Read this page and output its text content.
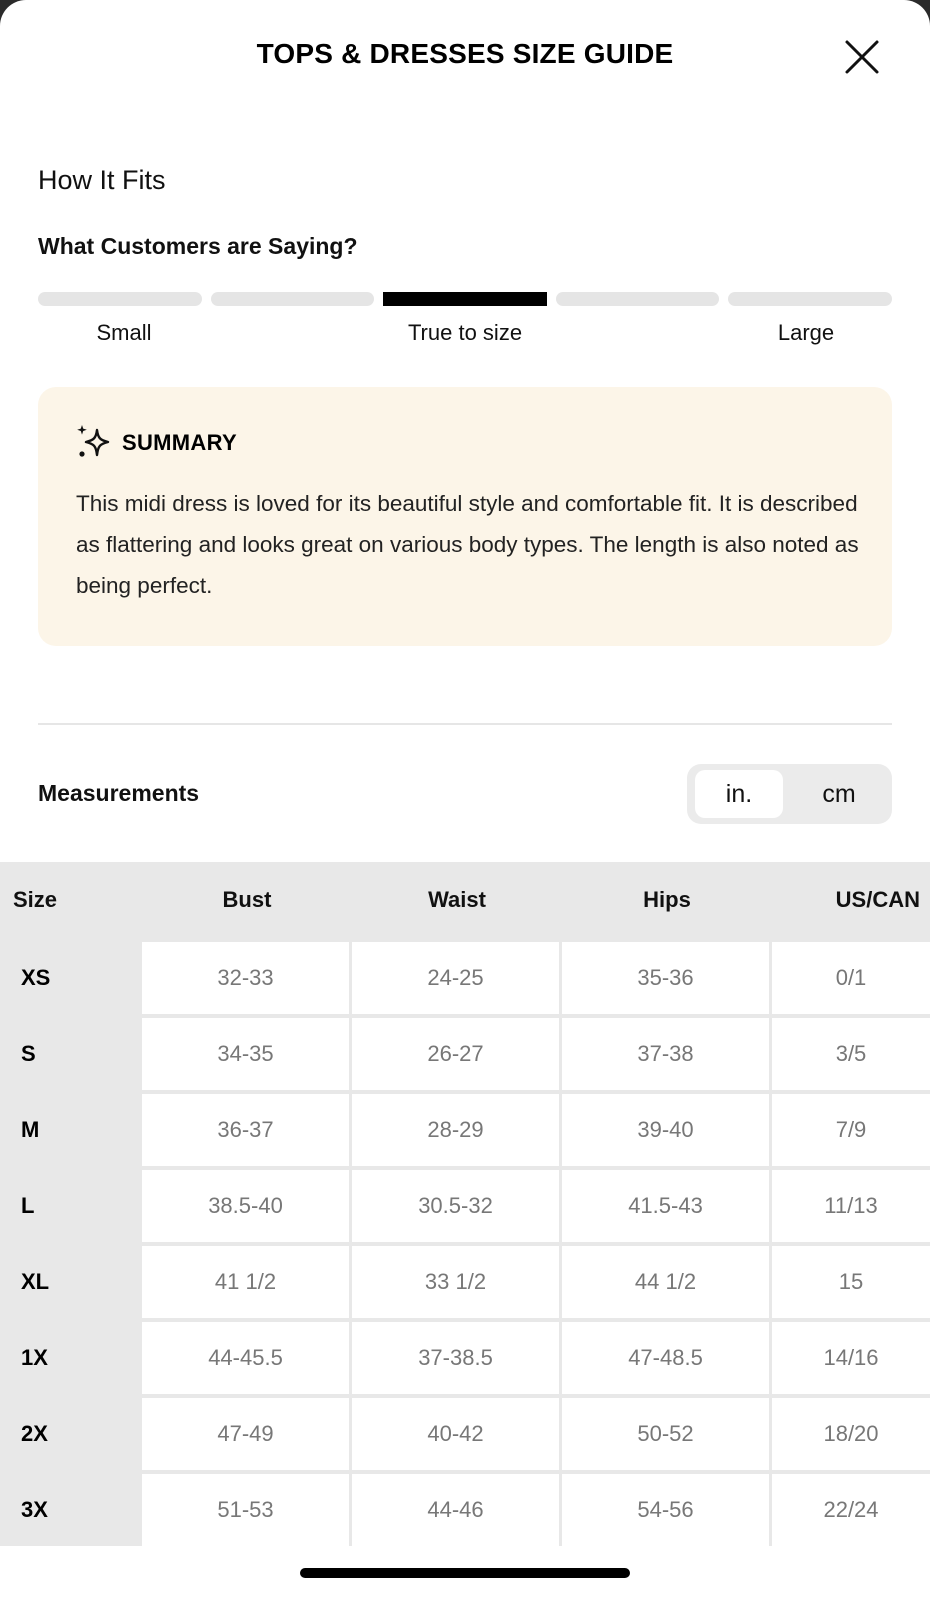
TOPS & DRESSES SIZE GUIDE
How It Fits
What Customers are Saying?
Small	True to size	Large
SUMMARY
This midi dress is loved for its beautiful style and comfortable fit. It is described as flattering and looks great on various body types. The length is also noted as being perfect.
Measurements	in.	cm
Size	Bust	Waist	Hips	US/CAN
XS	32-33	24-25	35-36	0/1
S	34-35	26-27	37-38	3/5
M	36-37	28-29	39-40	7/9
L	38.5-40	30.5-32	41.5-43	11/13
XL	41 1/2	33 1/2	44 1/2	15
1X	44-45.5	37-38.5	47-48.5	14/16
2X	47-49	40-42	50-52	18/20
3X	51-53	44-46	54-56	22/24
